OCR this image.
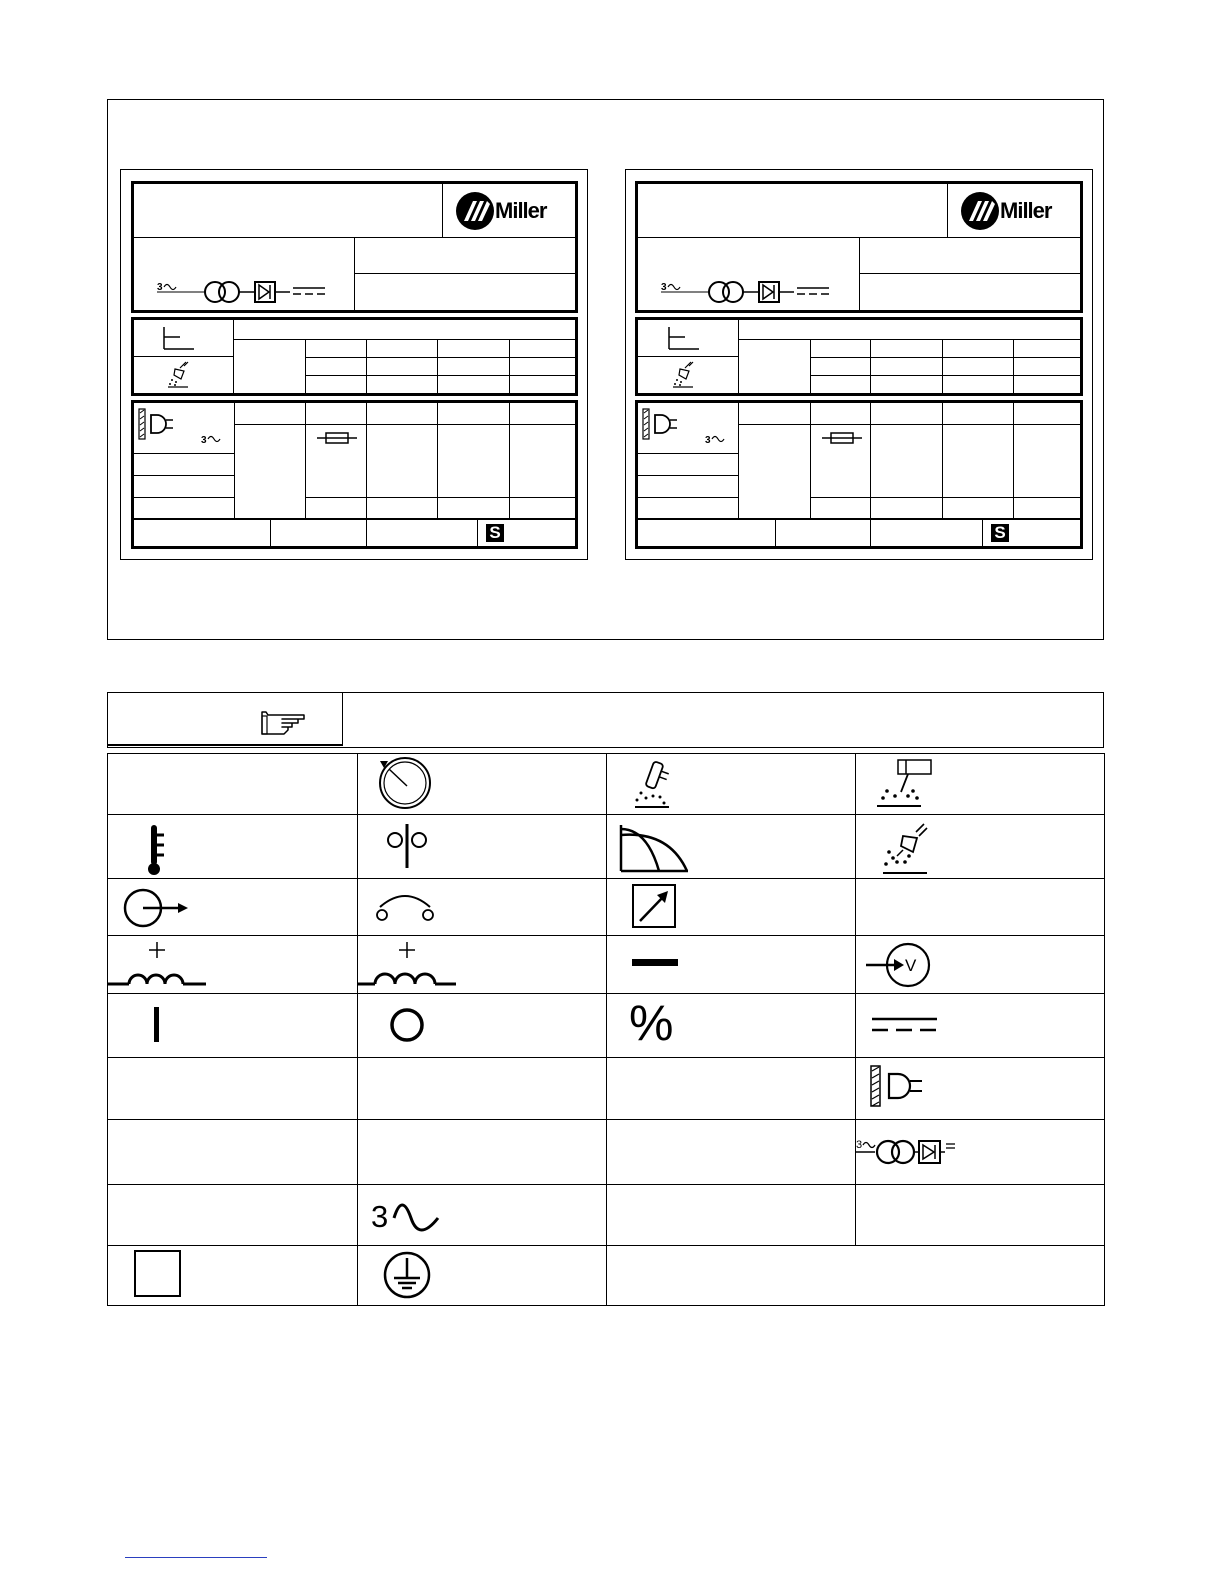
Miller
3
3
S
Miller
3
3
S
V
%
3
3
